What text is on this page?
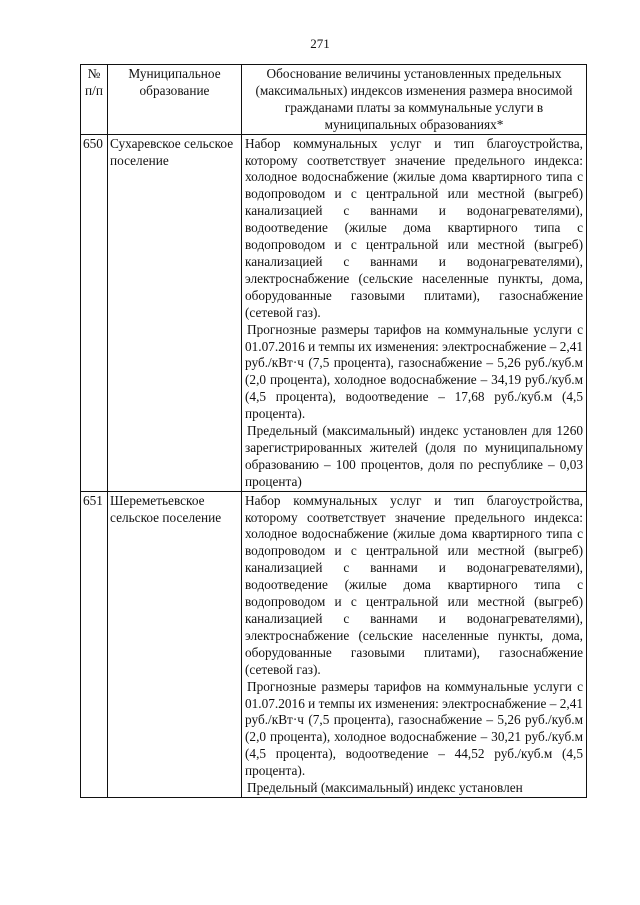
271
№ п/п	Муниципальное образование	Обоснование величины установленных предельных (максимальных) индексов изменения размера вносимой гражданами платы за коммунальные услуги в муниципальных образованиях*
650	Сухаревское сельское поселение	Набор коммунальных услуг и тип благоустройства, которому соответствует значение предельного индекса: холодное водоснабжение (жилые дома квартирного типа с водопроводом и с центральной или местной (выгреб) канализацией с ваннами и водонагревателями), водоотведение (жилые дома квартирного типа с водопроводом и с центральной или местной (выгреб) канализацией с ваннами и водонагревателями), электроснабжение (сельские населенные пункты, дома, оборудованные газовыми плитами), газоснабжение (сетевой газ).

Прогнозные размеры тарифов на коммунальные услуги с 01.07.2016 и темпы их изменения: электроснабжение – 2,41 руб./кВт·ч (7,5 процента), газоснабжение – 5,26 руб./куб.м (2,0 процента), холодное водоснабжение – 34,19 руб./куб.м (4,5 процента), водоотведение – 17,68 руб./куб.м (4,5 процента).

Предельный (максимальный) индекс установлен для 1260 зарегистрированных жителей (доля по муниципальному образованию – 100 процентов, доля по республике – 0,03 процента)

651	Шереметьевское сельское поселение	Набор коммунальных услуг и тип благоустройства, которому соответствует значение предельного индекса: холодное водоснабжение (жилые дома квартирного типа с водопроводом и с центральной или местной (выгреб) канализацией с ваннами и водонагревателями), водоотведение (жилые дома квартирного типа с водопроводом и с центральной или местной (выгреб) канализацией с ваннами и водонагревателями), электроснабжение (сельские населенные пункты, дома, оборудованные газовыми плитами), газоснабжение (сетевой газ).

Прогнозные размеры тарифов на коммунальные услуги с 01.07.2016 и темпы их изменения: электроснабжение – 2,41 руб./кВт·ч (7,5 процента), газоснабжение – 5,26 руб./куб.м (2,0 процента), холодное водоснабжение – 30,21 руб./куб.м (4,5 процента), водоотведение – 44,52 руб./куб.м (4,5 процента).

Предельный (максимальный) индекс установлен
